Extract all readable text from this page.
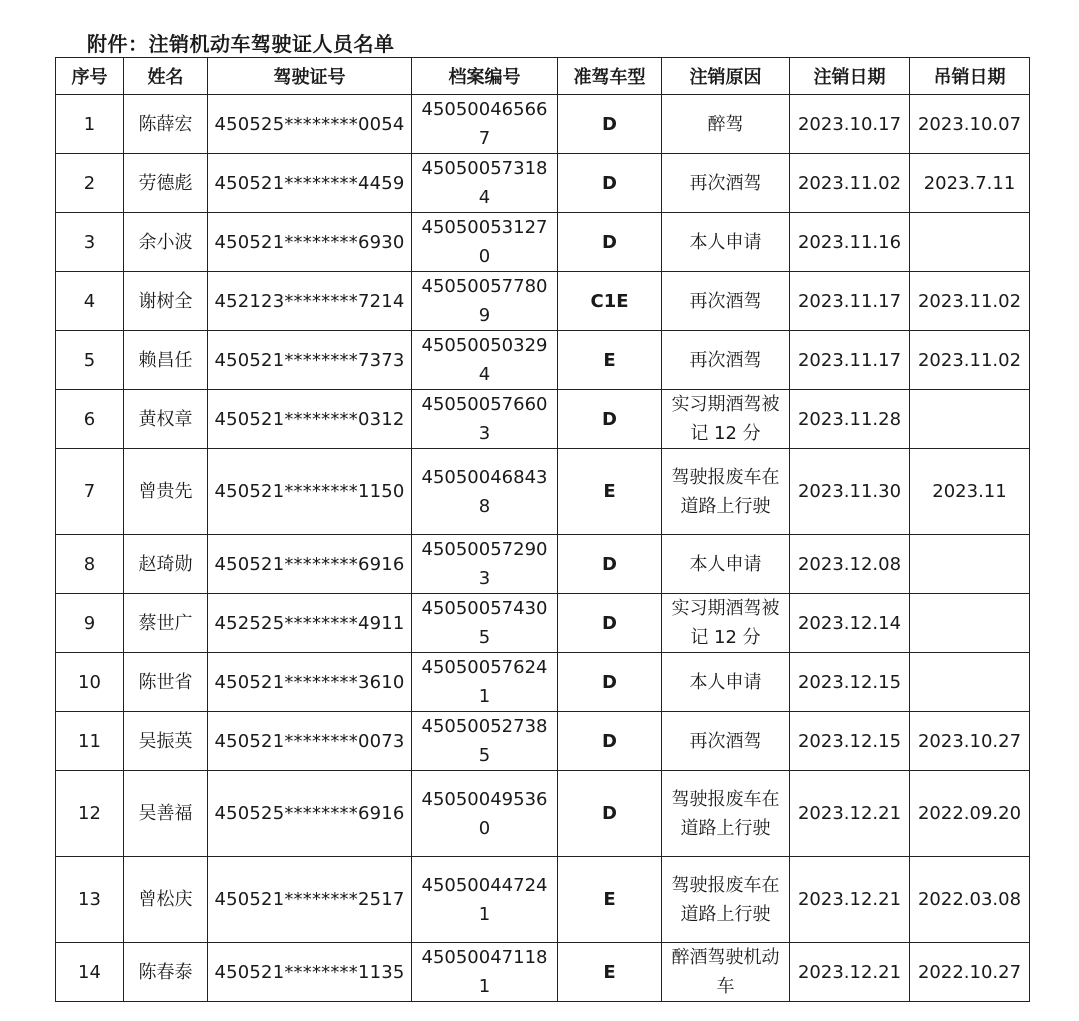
附件：注销机动车驾驶证人员名单
序号	姓名	驾驶证号	档案编号	准驾车型	注销原因	注销日期	吊销日期
1	陈薛宏	450525********0054	450500465667	D	醉驾	2023.10.17	2023.10.07
2	劳德彪	450521********4459	450500573184	D	再次酒驾	2023.11.02	2023.7.11
3	余小波	450521********6930	450500531270	D	本人申请	2023.11.16	
4	谢树全	452123********7214	450500577809	C1E	再次酒驾	2023.11.17	2023.11.02
5	赖昌任	450521********7373	450500503294	E	再次酒驾	2023.11.17	2023.11.02
6	黄权章	450521********0312	450500576603	D	实习期酒驾被记 12 分	2023.11.28	
7	曾贵先	450521********1150	450500468438	E	驾驶报废车在道路上行驶	2023.11.30	2023.11
8	赵琦勋	450521********6916	450500572903	D	本人申请	2023.12.08	
9	蔡世广	452525********4911	450500574305	D	实习期酒驾被记 12 分	2023.12.14	
10	陈世省	450521********3610	450500576241	D	本人申请	2023.12.15	
11	吴振英	450521********0073	450500527385	D	再次酒驾	2023.12.15	2023.10.27
12	吴善福	450525********6916	450500495360	D	驾驶报废车在道路上行驶	2023.12.21	2022.09.20
13	曾松庆	450521********2517	450500447241	E	驾驶报废车在道路上行驶	2023.12.21	2022.03.08
14	陈春泰	450521********1135	450500471181	E	醉酒驾驶机动车	2023.12.21	2022.10.27
